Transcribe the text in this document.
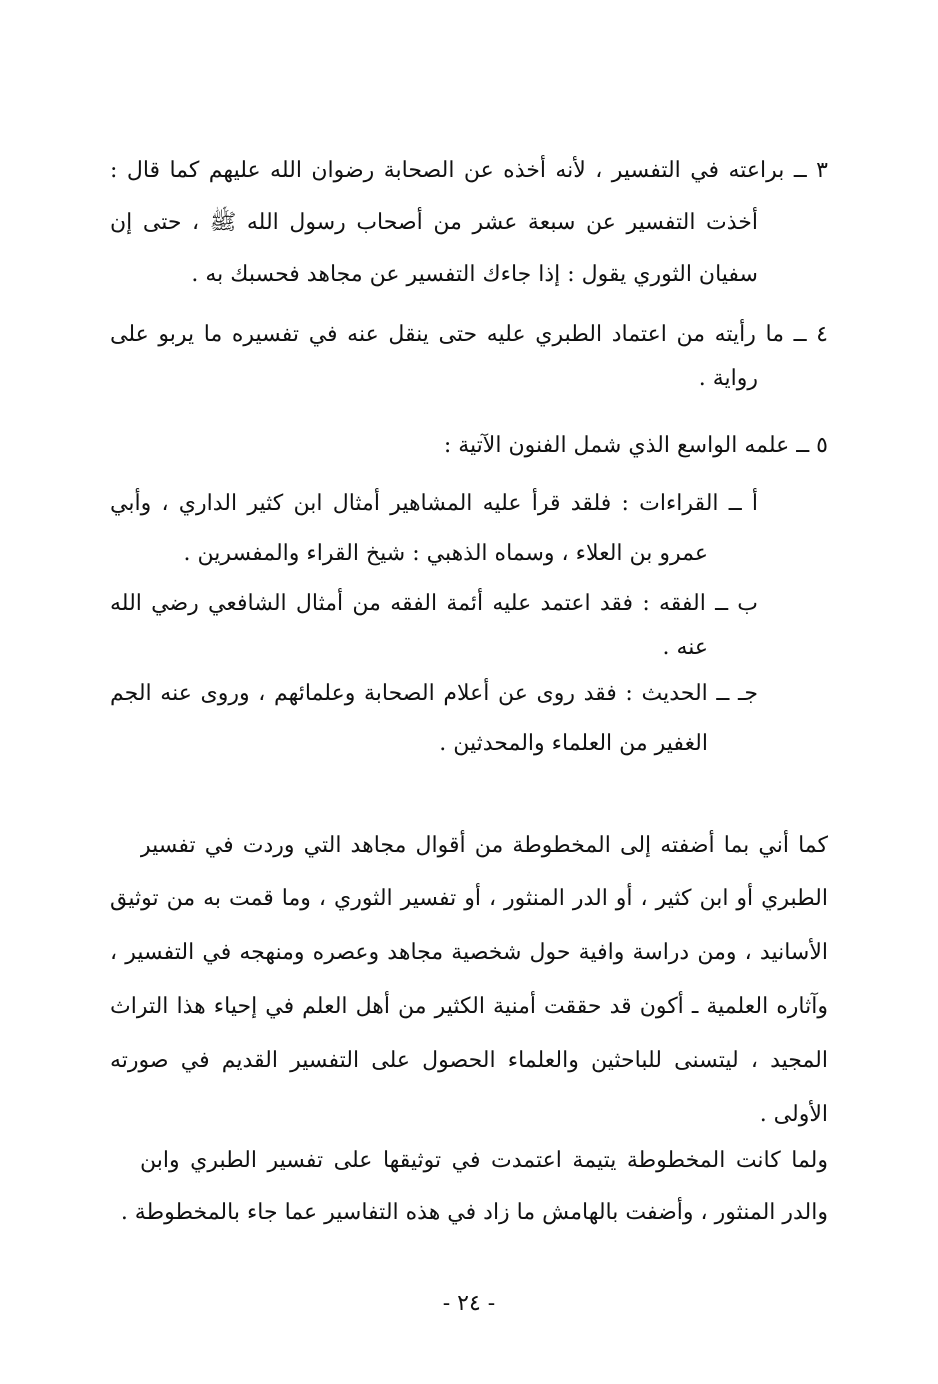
٣ ــ براعته في التفسير ، لأنه أخذه عن الصحابة رضوان الله عليهم كما قال :
أخذت التفسير عن سبعة عشر من أصحاب رسول الله ﷺ ، حتى إن
سفيان الثوري يقول : إذا جاءك التفسير عن مجاهد فحسبك به .
٤ ــ ما رأيته من اعتماد الطبري عليه حتى ينقل عنه في تفسيره ما يربو على
رواية .
٥ ــ علمه الواسع الذي شمل الفنون الآتية :
أ ــ القراءات : فلقد قرأ عليه المشاهير أمثال ابن كثير الداري ، وأبي
عمرو بن العلاء ، وسماه الذهبي : شيخ القراء والمفسرين .
ب ــ الفقه : فقد اعتمد عليه أئمة الفقه من أمثال الشافعي رضي الله
عنه .
جـ ــ الحديث : فقد روى عن أعلام الصحابة وعلمائهم ، وروى عنه الجم
الغفير من العلماء والمحدثين .
كما أني بما أضفته إلى المخطوطة من أقوال مجاهد التي وردت في تفسير
الطبري أو ابن كثير ، أو الدر المنثور ، أو تفسير الثوري ، وما قمت به من توثيق
الأسانيد ، ومن دراسة وافية حول شخصية مجاهد وعصره ومنهجه في التفسير ،
وآثاره العلمية ـ أكون قد حققت أمنية الكثير من أهل العلم في إحياء هذا التراث
المجيد ، ليتسنى للباحثين والعلماء الحصول على التفسير القديم في صورته
الأولى .
ولما كانت المخطوطة يتيمة اعتمدت في توثيقها على تفسير الطبري وابن
والدر المنثور ، وأضفت بالهامش ما زاد في هذه التفاسير عما جاء بالمخطوطة .
- ٢٤ -
